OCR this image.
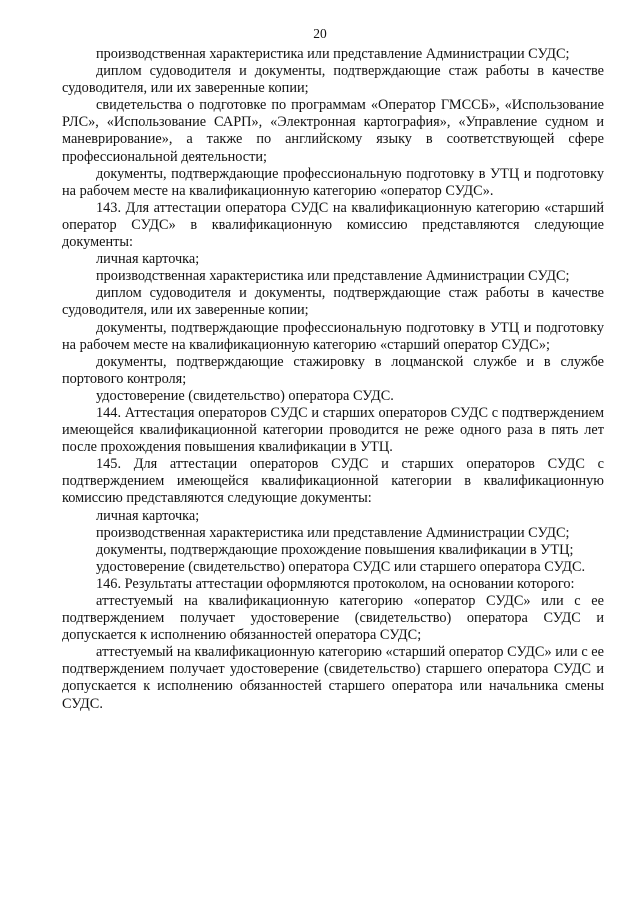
20

производственная характеристика или представление Администрации СУДС;

диплом судоводителя и документы, подтверждающие стаж работы в качестве судоводителя, или их заверенные копии;

свидетельства о подготовке по программам «Оператор ГМССБ», «Использование РЛС», «Использование САРП», «Электронная картография», «Управление судном и маневрирование», а также по английскому языку в соответствующей сфере профессиональной деятельности;

документы, подтверждающие профессиональную подготовку в УТЦ и подготовку на рабочем месте на квалификационную категорию «оператор СУДС».

143. Для аттестации оператора СУДС на квалификационную категорию «старший оператор СУДС» в квалификационную комиссию представляются следующие документы:

личная карточка;

производственная характеристика или представление Администрации СУДС;

диплом судоводителя и документы, подтверждающие стаж работы в качестве судоводителя, или их заверенные копии;

документы, подтверждающие профессиональную подготовку в УТЦ и подготовку на рабочем месте на квалификационную категорию «старший оператор СУДС»;

документы, подтверждающие стажировку в лоцманской службе и в службе портового контроля;

удостоверение (свидетельство) оператора СУДС.

144. Аттестация операторов СУДС и старших операторов СУДС с подтверждением имеющейся квалификационной категории проводится не реже одного раза в пять лет после прохождения повышения квалификации в УТЦ.

145. Для аттестации операторов СУДС и старших операторов СУДС с подтверждением имеющейся квалификационной категории в квалификационную комиссию представляются следующие документы:

личная карточка;

производственная характеристика или представление Администрации СУДС;

документы, подтверждающие прохождение повышения квалификации в УТЦ;

удостоверение (свидетельство) оператора СУДС или старшего оператора СУДС.

146. Результаты аттестации оформляются протоколом, на основании которого:

аттестуемый на квалификационную категорию «оператор СУДС» или с ее подтверждением получает удостоверение (свидетельство) оператора СУДС и допускается к исполнению обязанностей оператора СУДС;

аттестуемый на квалификационную категорию «старший оператор СУДС» или с ее подтверждением получает удостоверение (свидетельство) старшего оператора СУДС и допускается к исполнению обязанностей старшего оператора или начальника смены СУДС.
